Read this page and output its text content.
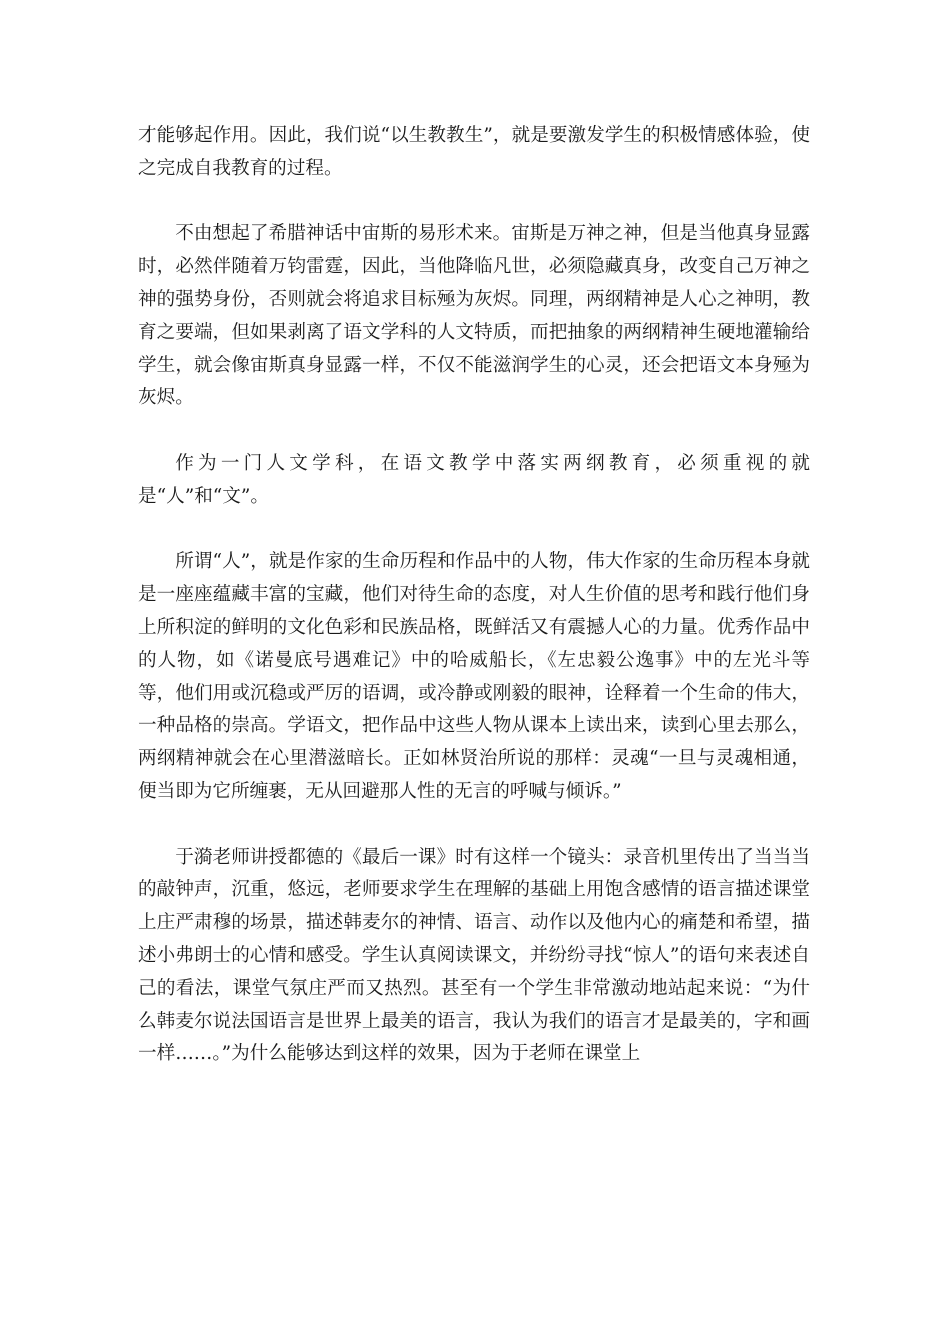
才能够起作用。因此，我们说“以生教教生”，就是要激发学生的积极情感体验，使之完成自我教育的过程。

不由想起了希腊神话中宙斯的易形术来。宙斯是万神之神，但是当他真身显露时，必然伴随着万钧雷霆，因此，当他降临凡世，必须隐藏真身，改变自己万神之神的强势身份，否则就会将追求目标殛为灰烬。同理，两纲精神是人心之神明，教育之要端，但如果剥离了语文学科的人文特质，而把抽象的两纲精神生硬地灌输给学生，就会像宙斯真身显露一样，不仅不能滋润学生的心灵，还会把语文本身殛为灰烬。

作为一门人文学科，在语文教学中落实两纲教育，必须重视的就是“人”和“文”。

所谓“人”，就是作家的生命历程和作品中的人物，伟大作家的生命历程本身就是一座座蕴藏丰富的宝藏，他们对待生命的态度，对人生价值的思考和践行他们身上所积淀的鲜明的文化色彩和民族品格，既鲜活又有震撼人心的力量。优秀作品中的人物，如《诺曼底号遇难记》中的哈威船长，《左忠毅公逸事》中的左光斗等等，他们用或沉稳或严厉的语调，或冷静或刚毅的眼神，诠释着一个生命的伟大，一种品格的崇高。学语文，把作品中这些人物从课本上读出来，读到心里去那么，两纲精神就会在心里潜滋暗长。正如林贤治所说的那样：灵魂“一旦与灵魂相通，便当即为它所缠裹，无从回避那人性的无言的呼喊与倾诉。”

于漪老师讲授都德的《最后一课》时有这样一个镜头：录音机里传出了当当当的敲钟声，沉重，悠远，老师要求学生在理解的基础上用饱含感情的语言描述课堂上庄严肃穆的场景，描述韩麦尔的神情、语言、动作以及他内心的痛楚和希望，描述小弗朗士的心情和感受。学生认真阅读课文，并纷纷寻找“惊人”的语句来表述自己的看法，课堂气氛庄严而又热烈。甚至有一个学生非常激动地站起来说：“为什么韩麦尔说法国语言是世界上最美的语言，我认为我们的语言才是最美的，字和画一样……。”为什么能够达到这样的效果，因为于老师在课堂上
